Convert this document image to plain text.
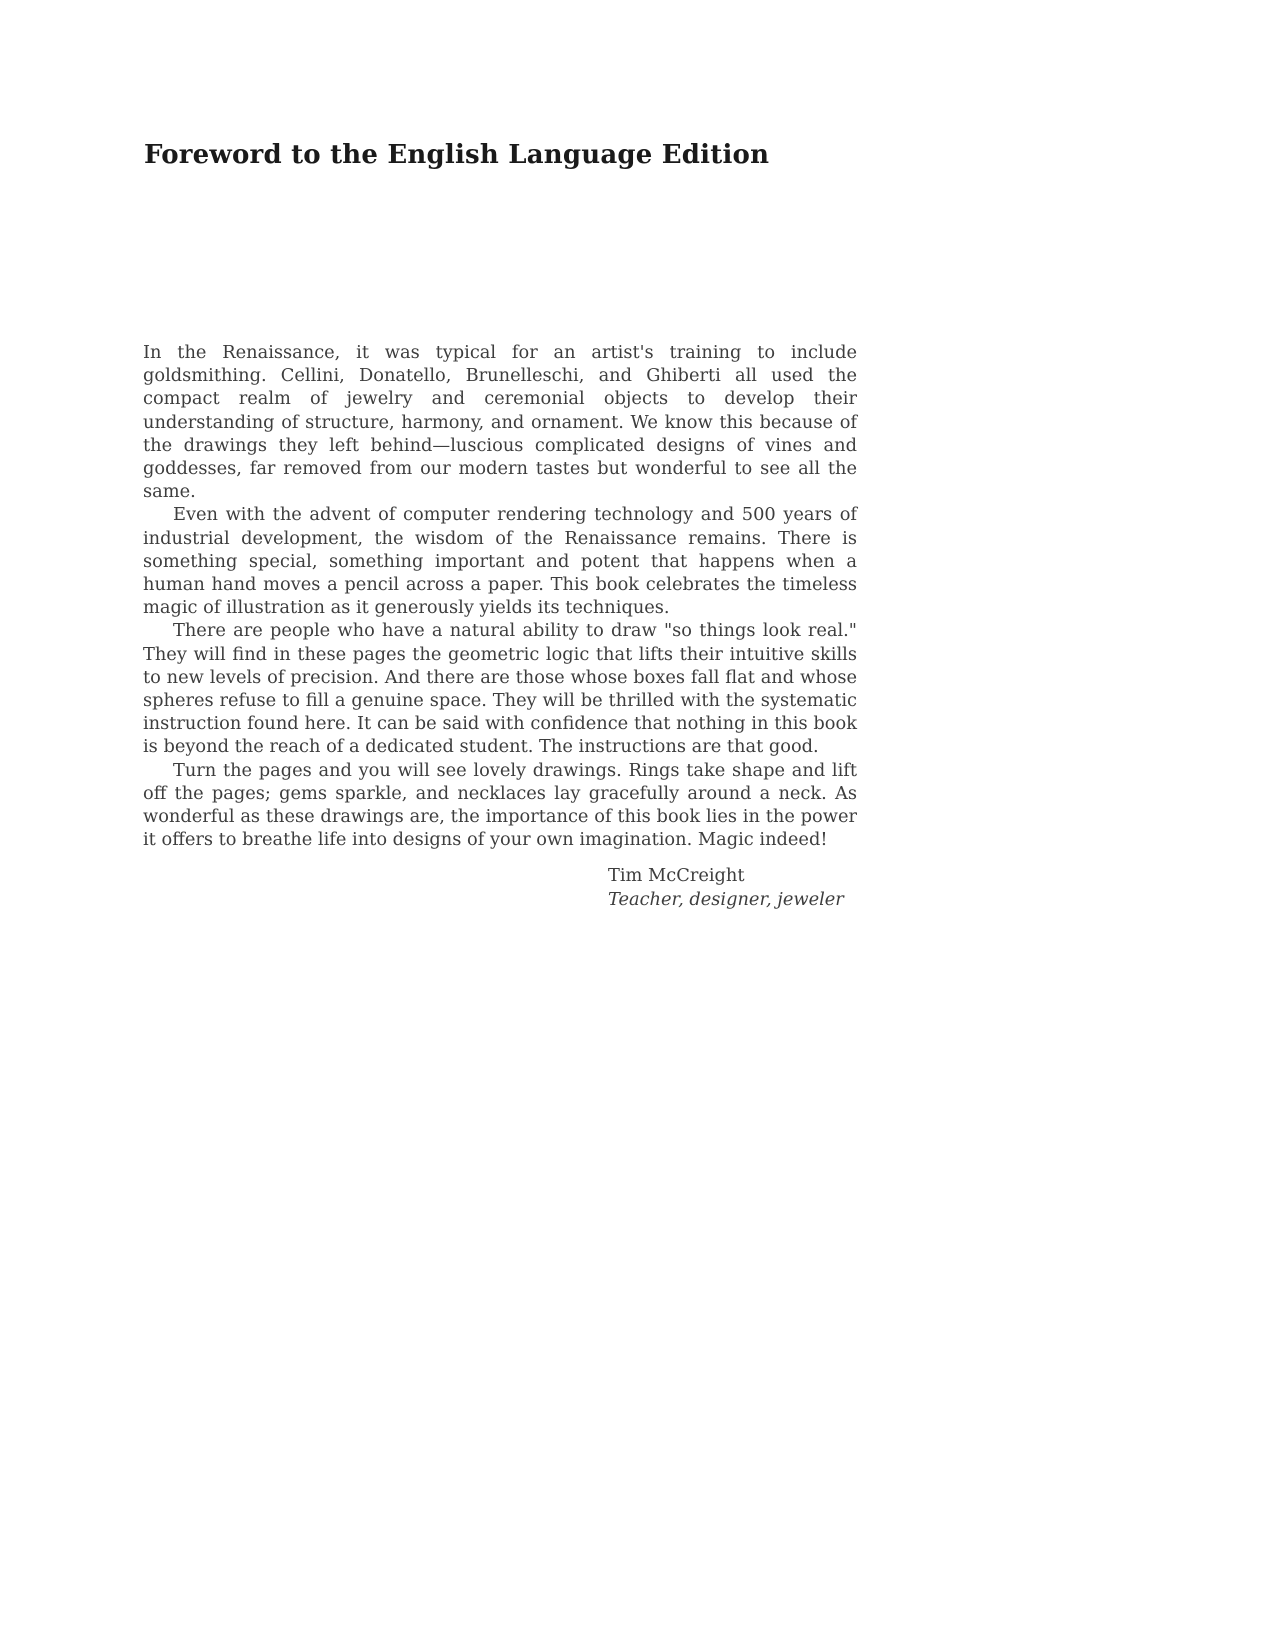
Foreword to the English Language Edition

In the Renaissance, it was typical for an artist's training to include goldsmithing. Cellini, Donatello, Brunelleschi, and Ghiberti all used the compact realm of jewelry and ceremonial objects to develop their understanding of structure, harmony, and ornament. We know this because of the drawings they left behind—luscious complicated designs of vines and goddesses, far removed from our modern tastes but wonderful to see all the same.

Even with the advent of computer rendering technology and 500 years of industrial development, the wisdom of the Renaissance remains. There is something special, something important and potent that happens when a human hand moves a pencil across a paper. This book celebrates the timeless magic of illustration as it generously yields its techniques.

There are people who have a natural ability to draw "so things look real." They will find in these pages the geometric logic that lifts their intuitive skills to new levels of precision. And there are those whose boxes fall flat and whose spheres refuse to fill a genuine space. They will be thrilled with the systematic instruction found here. It can be said with confidence that nothing in this book is beyond the reach of a dedicated student. The instructions are that good.

Turn the pages and you will see lovely drawings. Rings take shape and lift off the pages; gems sparkle, and necklaces lay gracefully around a neck. As wonderful as these drawings are, the importance of this book lies in the power it offers to breathe life into designs of your own imagination. Magic indeed!

Tim McCreight
Teacher, designer, jeweler
